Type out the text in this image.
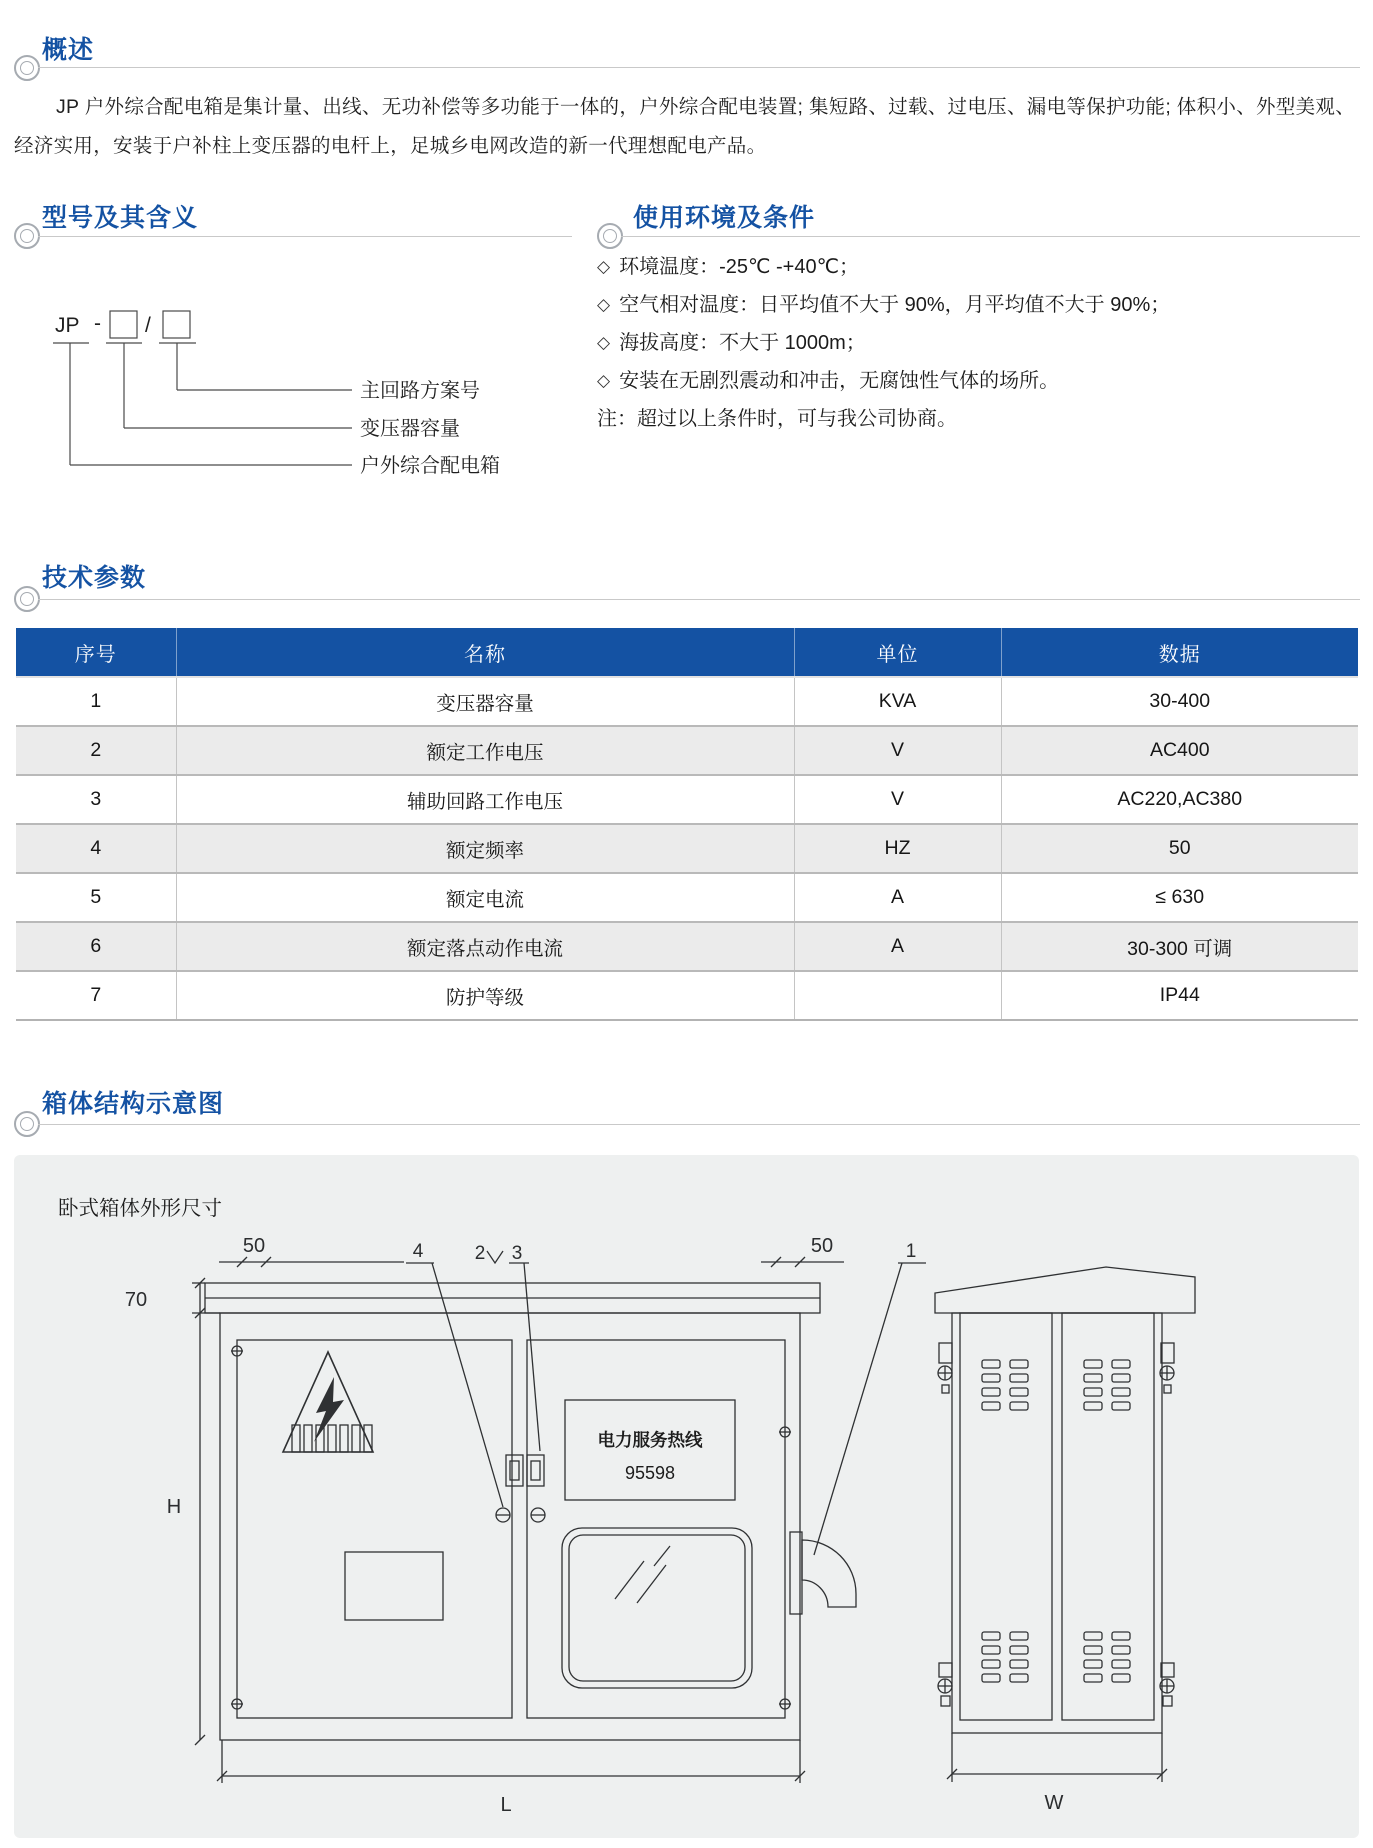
概述
JP 户外综合配电箱是集计量、出线、无功补偿等多功能于一体的，户外综合配电装置; 集短路、过载、过电压、漏电等保护功能; 体积小、外型美观、经济实用，安装于户补柱上变压器的电杆上，足城乡电网改造的新一代理想配电产品。
型号及其含义
JP - /
主回路方案号
变压器容量
户外综合配电箱
使用环境及条件
◇ 环境温度：-25℃ -+40℃；
◇ 空气相对温度：日平均值不大于 90%，月平均值不大于 90%；
◇ 海拔高度：不大于 1000m；
◇ 安装在无剧烈震动和冲击，无腐蚀性气体的场所。
注：超过以上条件时，可与我公司协商。
技术参数
序号	名称	单位	数据
1	变压器容量	KVA	30-400
2	额定工作电压	V	AC400
3	辅助回路工作电压	V	AC220,AC380
4	额定频率	HZ	50
5	额定电流	A	≤ 630
6	额定落点动作电流	A	30-300 可调
7	防护等级		IP44
箱体结构示意图
卧式箱体外形尺寸
电力服务热线
95598
H
70
50	50
L	W
4	2 3	1
